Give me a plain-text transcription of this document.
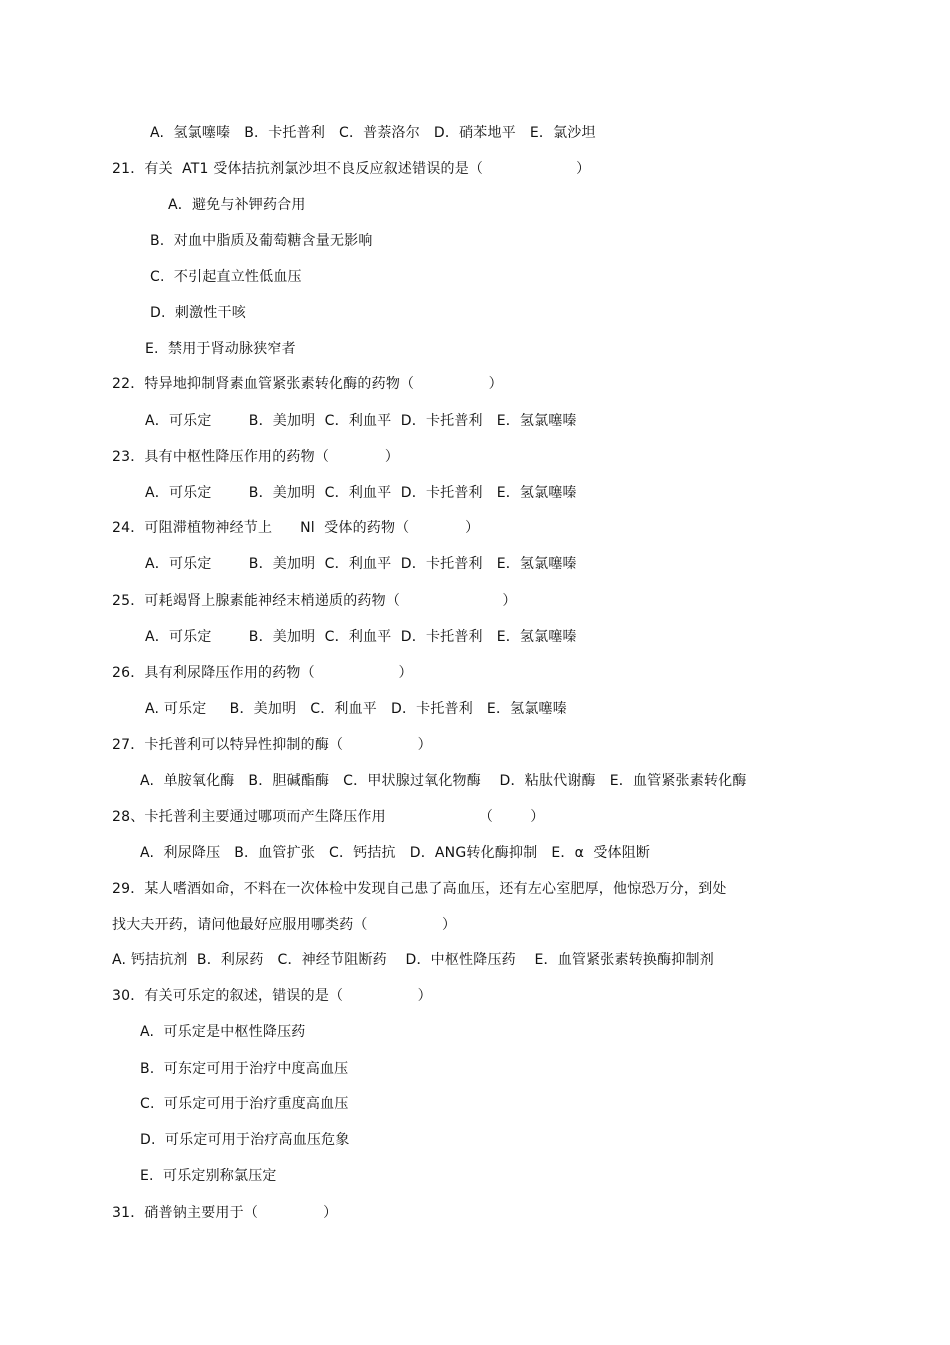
A.  氢氯噻嗪   B．卡托普利   C．普萘洛尔   D．硝苯地平   E．氯沙坦
21．有关  AT1 受体拮抗剂氯沙坦不良反应叙述错误的是（                    ）
A．避免与补钾药合用
B.  对血中脂质及葡萄糖含量无影响
C.  不引起直立性低血压
D.  刺激性干咳
E.  禁用于肾动脉狭窄者
22．特异地抑制肾素血管紧张素转化酶的药物（                ）
A．可乐定        B．美加明  C．利血平  D．卡托普利   E．氢氯噻嗪
23．具有中枢性降压作用的药物（            ）
A．可乐定        B．美加明  C．利血平  D．卡托普利   E．氢氯噻嗪
24．可阻滞植物神经节上      Nl  受体的药物（            ）
A．可乐定        B．美加明  C．利血平  D．卡托普利   E．氢氯噻嗪
25．可耗竭肾上腺素能神经末梢递质的药物（                      ）
A．可乐定        B．美加明  C．利血平  D．卡托普利   E．氢氯噻嗪
26．具有利尿降压作用的药物（                  ）
A. 可乐定     B．美加明   C．利血平   D．卡托普利   E．氢氯噻嗪
27．卡托普利可以特异性抑制的酶（                ）
A.  单胺氧化酶   B．胆碱酯酶   C．甲状腺过氧化物酶    D．粘肽代谢酶   E．血管紧张素转化酶
28、卡托普利主要通过哪项而产生降压作用                    （        ）
A.  利尿降压   B．血管扩张   C．钙拮抗   D．ANG转化酶抑制   E．α  受体阻断
29．某人嗜酒如命，不料在一次体检中发现自己患了高血压，还有左心室肥厚，他惊恐万分，到处
找大夫开药，请问他最好应服用哪类药（                ）
A. 钙拮抗剂  B．利尿药   C．神经节阻断药    D．中枢性降压药    E．血管紧张素转换酶抑制剂
30．有关可乐定的叙述，错误的是（                ）
A.  可乐定是中枢性降压药
B.  可东定可用于治疗中度高血压
C.  可乐定可用于治疗重度高血压
D.  可乐定可用于治疗高血压危象
E.  可乐定别称氯压定
31．硝普钠主要用于（              ）
